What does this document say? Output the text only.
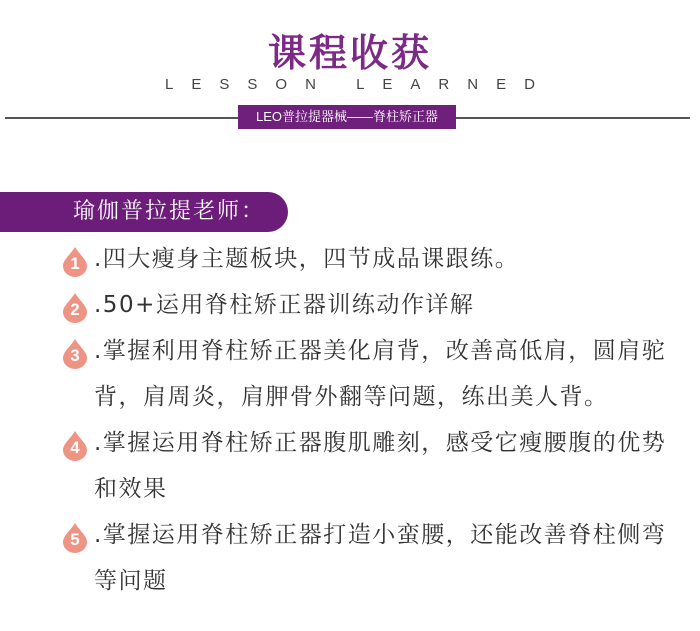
课程收获
LESSON LEARNED
LEO普拉提器械——脊柱矫正器
瑜伽普拉提老师：
1 .四大瘦身主题板块，四节成品课跟练。
2 .50+运用脊柱矫正器训练动作详解
3 .掌握利用脊柱矫正器美化肩背，改善高低肩，圆肩驼背，肩周炎，肩胛骨外翻等问题，练出美人背。
4 .掌握运用脊柱矫正器腹肌雕刻，感受它瘦腰腹的优势和效果
5 .掌握运用脊柱矫正器打造小蛮腰，还能改善脊柱侧弯等问题
